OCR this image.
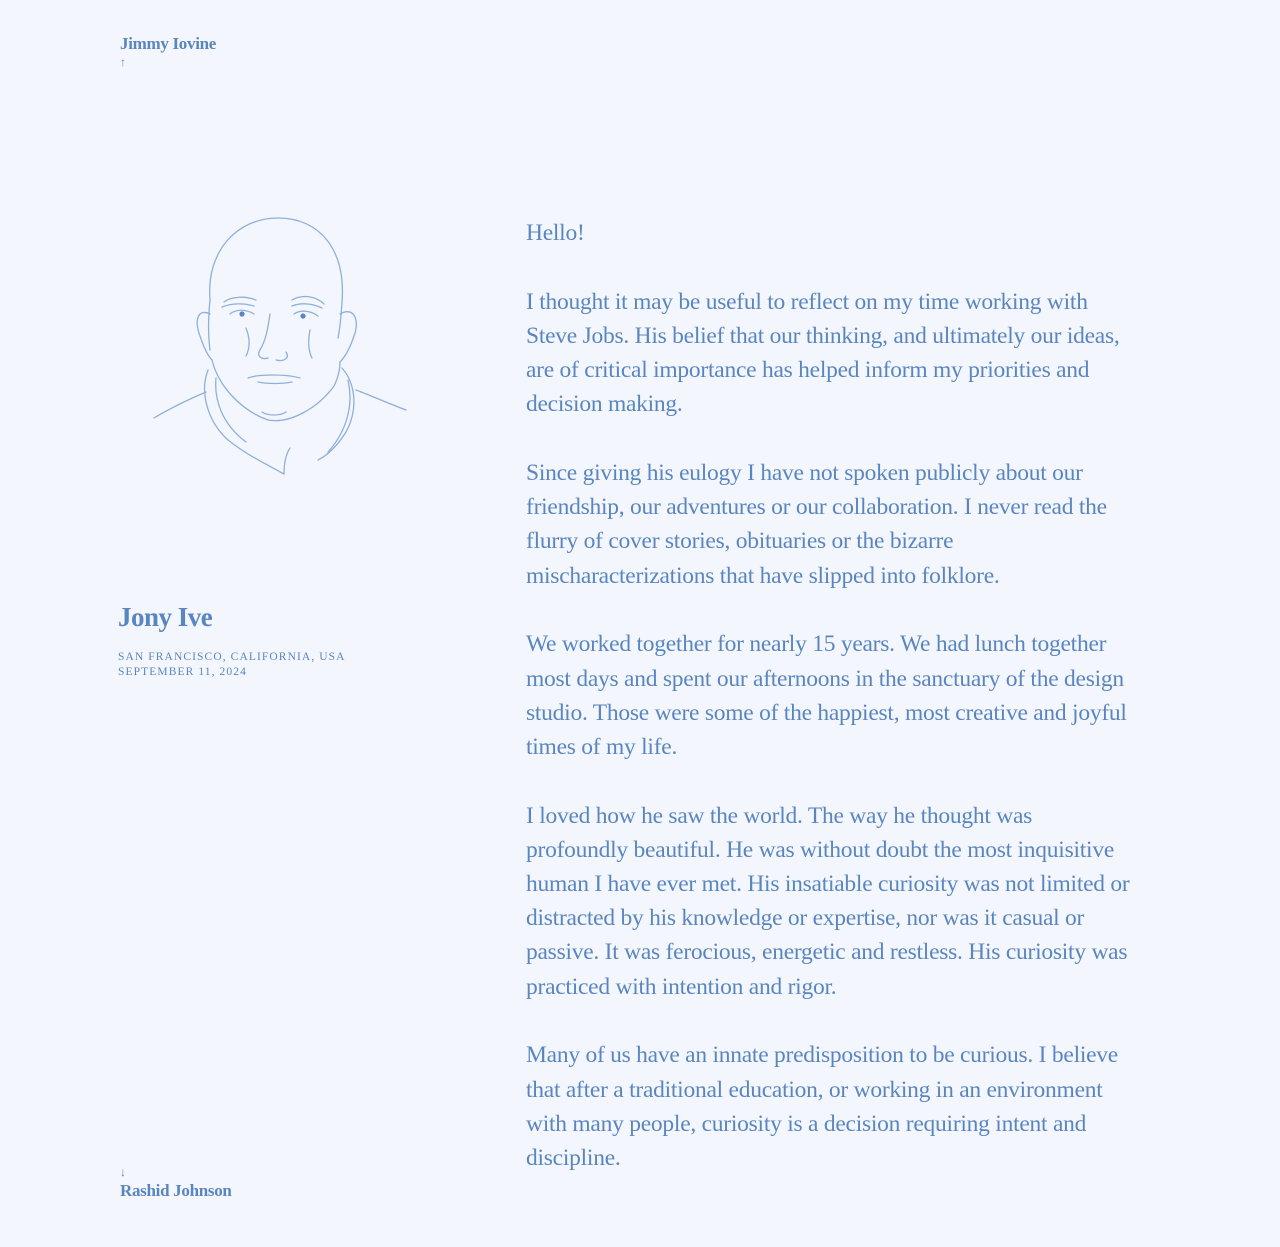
Jimmy Iovine
↑
Jony Ive
SAN FRANCISCO, CALIFORNIA, USA
SEPTEMBER 11, 2024

Hello!

I thought it may be useful to reflect on my time working with Steve Jobs. His belief that our thinking, and ultimately our ideas, are of critical importance has helped inform my priorities and decision making.

Since giving his eulogy I have not spoken publicly about our friendship, our adventures or our collaboration. I never read the flurry of cover stories, obituaries or the bizarre mischaracterizations that have slipped into folklore.

We worked together for nearly 15 years. We had lunch together most days and spent our afternoons in the sanctuary of the design studio. Those were some of the happiest, most creative and joyful times of my life.

I loved how he saw the world. The way he thought was profoundly beautiful. He was without doubt the most inquisitive human I have ever met. His insatiable curiosity was not limited or distracted by his knowledge or expertise, nor was it casual or passive. It was ferocious, energetic and restless. His curiosity was practiced with intention and rigor.

Many of us have an innate predisposition to be curious. I believe that after a traditional education, or working in an environment with many people, curiosity is a decision requiring intent and discipline.

↓
Rashid Johnson
